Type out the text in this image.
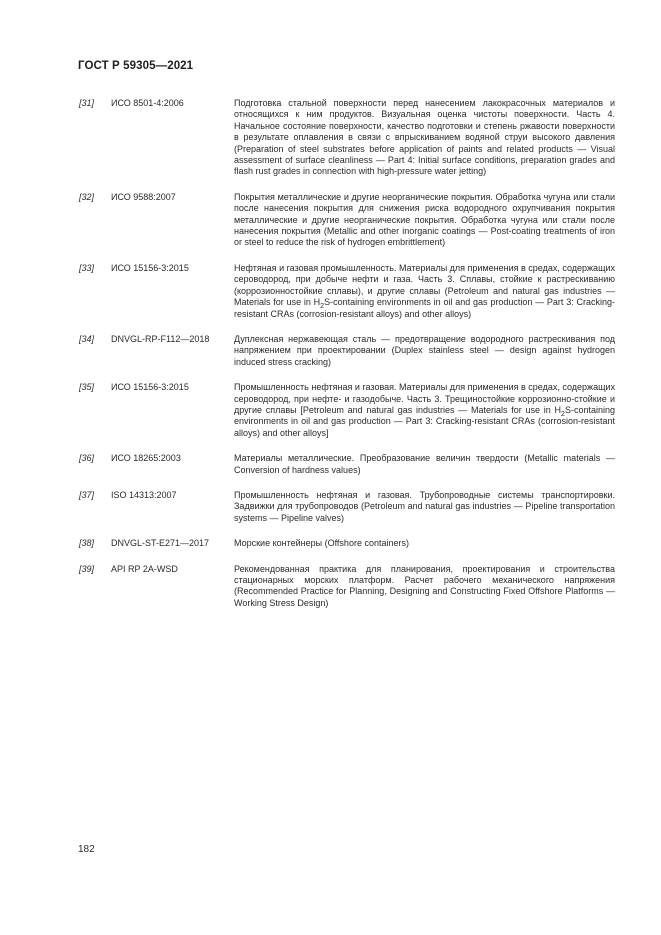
ГОСТ Р 59305—2021
[31]	ИСО 8501-4:2006	Подготовка стальной поверхности перед нанесением лакокрасочных материалов и относящихся к ним продуктов. Визуальная оценка чистоты поверхности. Часть 4. Начальное состояние поверхности, качество подготовки и степень ржавости поверхности в результате оплавления в связи с впрыскиванием водяной струи высокого давления (Preparation of steel substrates before application of paints and related products — Visual assessment of surface cleanliness — Part 4: Initial surface conditions, preparation grades and flash rust grades in connection with high-pressure water jetting)
[32]	ИСО 9588:2007	Покрытия металлические и другие неорганические покрытия. Обработка чугуна или стали после нанесения покрытия для снижения риска водородного охрупчивания покрытия металлические и другие неорганические покрытия. Обработка чугуна или стали после нанесения покрытия (Metallic and other inorganic coatings — Post-coating treatments of iron or steel to reduce the risk of hydrogen embrittlement)
[33]	ИСО 15156-3:2015	Нефтяная и газовая промышленность. Материалы для применения в средах, содержащих сероводород, при добыче нефти и газа. Часть 3. Сплавы, стойкие к растрескиванию (коррозионностойкие сплавы), и другие сплавы (Petroleum and natural gas industries — Materials for use in $H_2S$-containing environments in oil and gas production — Part 3: Cracking-resistant CRAs (corrosion-resistant alloys) and other alloys)
[34]	DNVGL-RP-F112—2018	Дуплексная нержавеющая сталь — предотвращение водородного растрескивания под напряжением при проектировании (Duplex stainless steel — design against hydrogen induced stress cracking)
[35]	ИСО 15156-3:2015	Промышленность нефтяная и газовая. Материалы для применения в средах, содержащих сероводород, при нефте- и газодобыче. Часть 3. Трещиностойкие коррозионно-стойкие и другие сплавы [Petroleum and natural gas industries — Materials for use in $H_2S$-containing environments in oil and gas production — Part 3: Cracking-resistant CRAs (corrosion-resistant alloys) and other alloys]
[36]	ИСО 18265:2003	Материалы металлические. Преобразование величин твердости (Metallic materials — Conversion of hardness values)
[37]	ISO 14313:2007	Промышленность нефтяная и газовая. Трубопроводные системы транспортировки. Задвижки для трубопроводов (Petroleum and natural gas industries — Pipeline transportation systems — Pipeline valves)
[38]	DNVGL-ST-E271—2017	Морские контейнеры (Offshore containers)
[39]	API RP 2A-WSD	Рекомендованная практика для планирования, проектирования и строительства стационарных морских платформ. Расчет рабочего механического напряжения (Recommended Practice for Planning, Designing and Constructing Fixed Offshore Platforms — Working Stress Design)
182
